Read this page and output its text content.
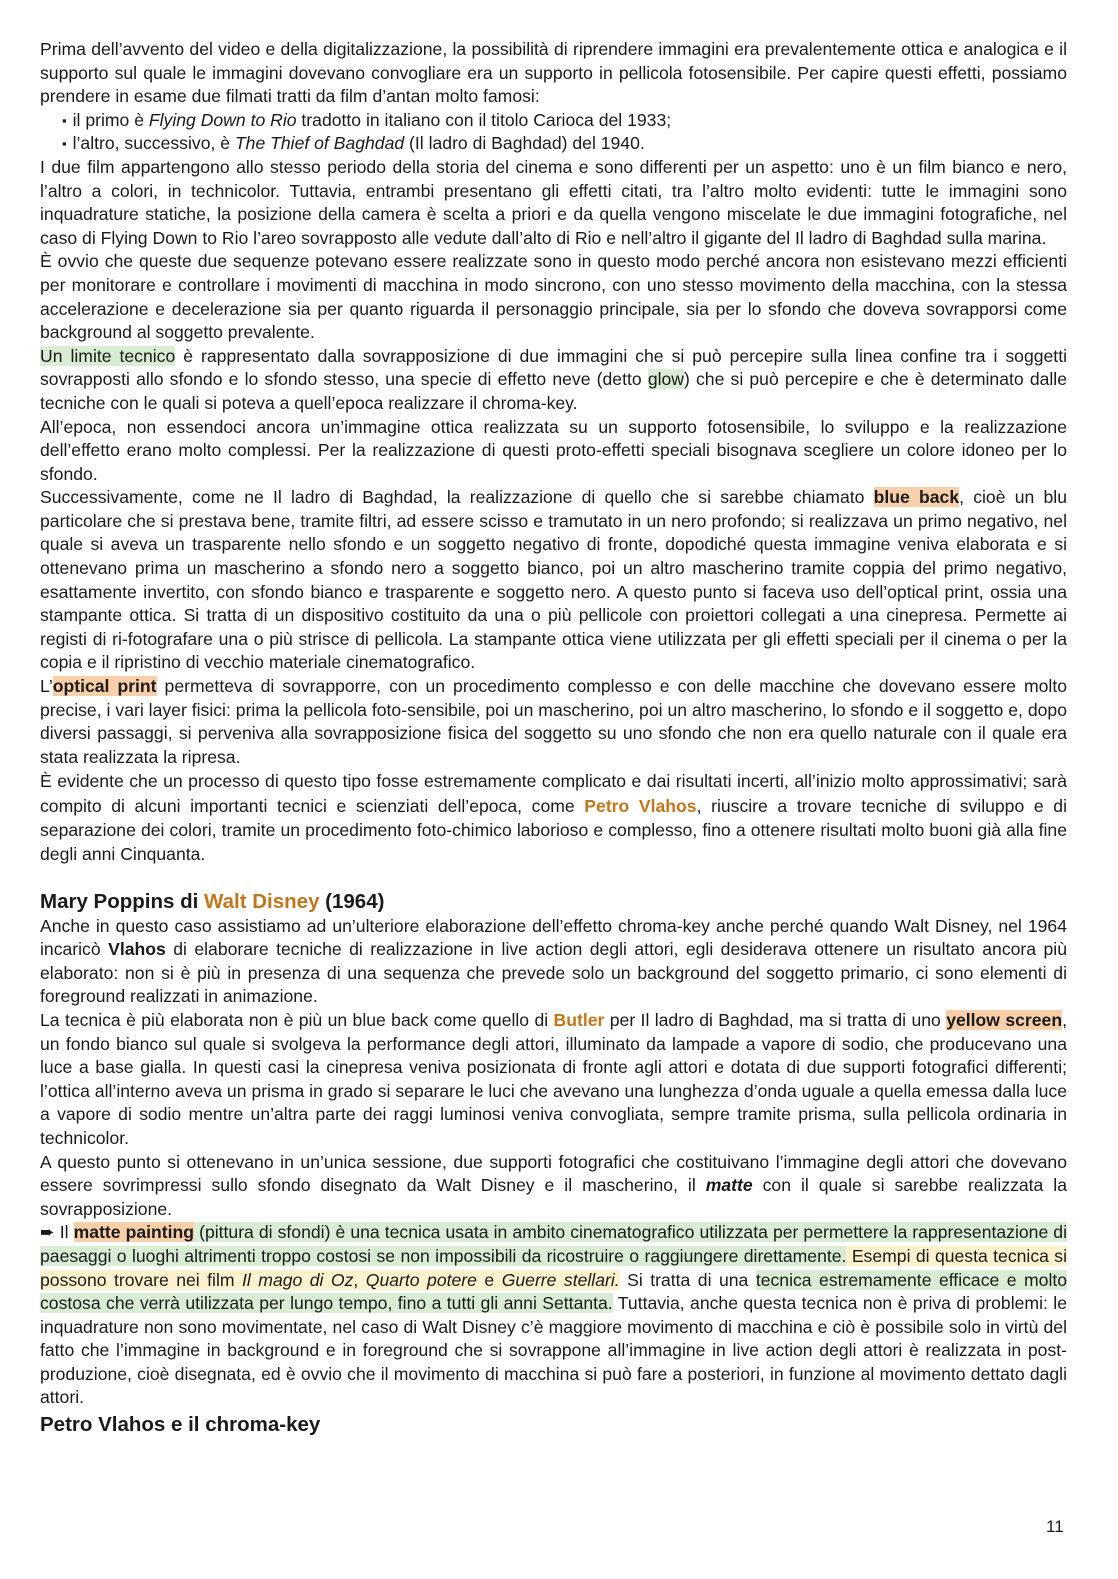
Prima dell’avvento del video e della digitalizzazione, la possibilità di riprendere immagini era prevalentemente ottica e analogica e il supporto sul quale le immagini dovevano convogliare era un supporto in pellicola fotosensibile. Per capire questi effetti, possiamo prendere in esame due filmati tratti da film d’antan molto famosi:

▪ il primo è Flying Down to Rio tradotto in italiano con il titolo Carioca del 1933;
▪ l’altro, successivo, è The Thief of Baghdad (Il ladro di Baghdad) del 1940.

I due film appartengono allo stesso periodo della storia del cinema e sono differenti per un aspetto: uno è un film bianco e nero, l’altro a colori, in technicolor. Tuttavia, entrambi presentano gli effetti citati, tra l’altro molto evidenti: tutte le immagini sono inquadrature statiche, la posizione della camera è scelta a priori e da quella vengono miscelate le due immagini fotografiche, nel caso di Flying Down to Rio l’areo sovrapposto alle vedute dall’alto di Rio e nell’altro il gigante del Il ladro di Baghdad sulla marina.

È ovvio che queste due sequenze potevano essere realizzate sono in questo modo perché ancora non esistevano mezzi efficienti per monitorare e controllare i movimenti di macchina in modo sincrono, con uno stesso movimento della macchina, con la stessa accelerazione e decelerazione sia per quanto riguarda il personaggio principale, sia per lo sfondo che doveva sovrapporsi come background al soggetto prevalente.

Un limite tecnico è rappresentato dalla sovrapposizione di due immagini che si può percepire sulla linea confine tra i soggetti sovrapposti allo sfondo e lo sfondo stesso, una specie di effetto neve (detto glow) che si può percepire e che è determinato dalle tecniche con le quali si poteva a quell’epoca realizzare il chroma-key.

All’epoca, non essendoci ancora un’immagine ottica realizzata su un supporto fotosensibile, lo sviluppo e la realizzazione dell’effetto erano molto complessi. Per la realizzazione di questi proto-effetti speciali bisognava scegliere un colore idoneo per lo sfondo.

Successivamente, come ne Il ladro di Baghdad, la realizzazione di quello che si sarebbe chiamato blue back, cioè un blu particolare che si prestava bene, tramite filtri, ad essere scisso e tramutato in un nero profondo; si realizzava un primo negativo, nel quale si aveva un trasparente nello sfondo e un soggetto negativo di fronte, dopodiché questa immagine veniva elaborata e si ottenevano prima un mascherino a sfondo nero a soggetto bianco, poi un altro mascherino tramite coppia del primo negativo, esattamente invertito, con sfondo bianco e trasparente e soggetto nero. A questo punto si faceva uso dell’optical print, ossia una stampante ottica. Si tratta di un dispositivo costituito da una o più pellicole con proiettori collegati a una cinepresa. Permette ai registi di ri-fotografare una o più strisce di pellicola. La stampante ottica viene utilizzata per gli effetti speciali per il cinema o per la copia e il ripristino di vecchio materiale cinematografico.

L’optical print permetteva di sovrapporre, con un procedimento complesso e con delle macchine che dovevano essere molto precise, i vari layer fisici: prima la pellicola foto-sensibile, poi un mascherino, poi un altro mascherino, lo sfondo e il soggetto e, dopo diversi passaggi, si perveniva alla sovrapposizione fisica del soggetto su uno sfondo che non era quello naturale con il quale era stata realizzata la ripresa.

È evidente che un processo di questo tipo fosse estremamente complicato e dai risultati incerti, all’inizio molto approssimativi; sarà compito di alcuni importanti tecnici e scienziati dell’epoca, come Petro Vlahos, riuscire a trovare tecniche di sviluppo e di separazione dei colori, tramite un procedimento foto-chimico laborioso e complesso, fino a ottenere risultati molto buoni già alla fine degli anni Cinquanta.

Mary Poppins di Walt Disney (1964)

Anche in questo caso assistiamo ad un’ulteriore elaborazione dell’effetto chroma-key anche perché quando Walt Disney, nel 1964 incaricò Vlahos di elaborare tecniche di realizzazione in live action degli attori, egli desiderava ottenere un risultato ancora più elaborato: non si è più in presenza di una sequenza che prevede solo un background del soggetto primario, ci sono elementi di foreground realizzati in animazione.

La tecnica è più elaborata non è più un blue back come quello di Butler per Il ladro di Baghdad, ma si tratta di uno yellow screen, un fondo bianco sul quale si svolgeva la performance degli attori, illuminato da lampade a vapore di sodio, che producevano una luce a base gialla. In questi casi la cinepresa veniva posizionata di fronte agli attori e dotata di due supporti fotografici differenti; l’ottica all’interno aveva un prisma in grado si separare le luci che avevano una lunghezza d’onda uguale a quella emessa dalla luce a vapore di sodio mentre un’altra parte dei raggi luminosi veniva convogliata, sempre tramite prisma, sulla pellicola ordinaria in technicolor.

A questo punto si ottenevano in un’unica sessione, due supporti fotografici che costituivano l’immagine degli attori che dovevano essere sovrimpressi sullo sfondo disegnato da Walt Disney e il mascherino, il matte con il quale si sarebbe realizzata la sovrapposizione.

➨ Il matte painting (pittura di sfondi) è una tecnica usata in ambito cinematografico utilizzata per permettere la rappresentazione di paesaggi o luoghi altrimenti troppo costosi se non impossibili da ricostruire o raggiungere direttamente. Esempi di questa tecnica si possono trovare nei film Il mago di Oz, Quarto potere e Guerre stellari. Si tratta di una tecnica estremamente efficace e molto costosa che verrà utilizzata per lungo tempo, fino a tutti gli anni Settanta. Tuttavia, anche questa tecnica non è priva di problemi: le inquadrature non sono movimentate, nel caso di Walt Disney c’è maggiore movimento di macchina e ciò è possibile solo in virtù del fatto che l’immagine in background e in foreground che si sovrappone all’immagine in live action degli attori è realizzata in post-produzione, cioè disegnata, ed è ovvio che il movimento di macchina si può fare a posteriori, in funzione al movimento dettato dagli attori.

Petro Vlahos e il chroma-key
11
